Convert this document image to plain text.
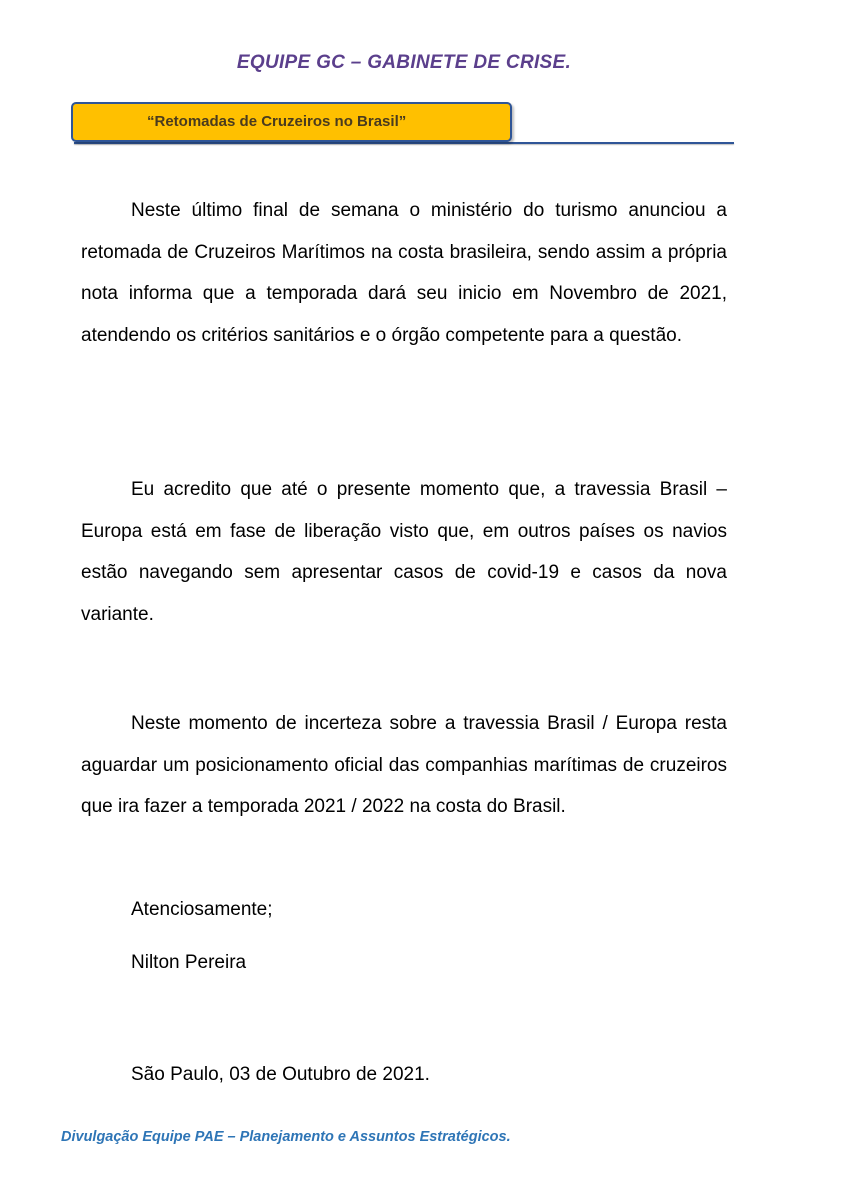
EQUIPE GC – GABINETE DE CRISE.
“Retomadas de Cruzeiros no Brasil”

Neste último final de semana o ministério do turismo anunciou a retomada de Cruzeiros Marítimos na costa brasileira, sendo assim a própria nota informa que a temporada dará seu inicio em Novembro de 2021, atendendo os critérios sanitários e o órgão competente para a questão.

Eu acredito que até o presente momento que, a travessia Brasil – Europa está em fase de liberação visto que, em outros países os navios estão navegando sem apresentar casos de covid-19 e casos da nova variante.

Neste momento de incerteza sobre a travessia Brasil / Europa resta aguardar um posicionamento oficial das companhias marítimas de cruzeiros que ira fazer a temporada 2021 / 2022 na costa do Brasil.

Atenciosamente;

Nilton Pereira

São Paulo, 03 de Outubro de 2021.

Divulgação Equipe PAE – Planejamento e Assuntos Estratégicos.
